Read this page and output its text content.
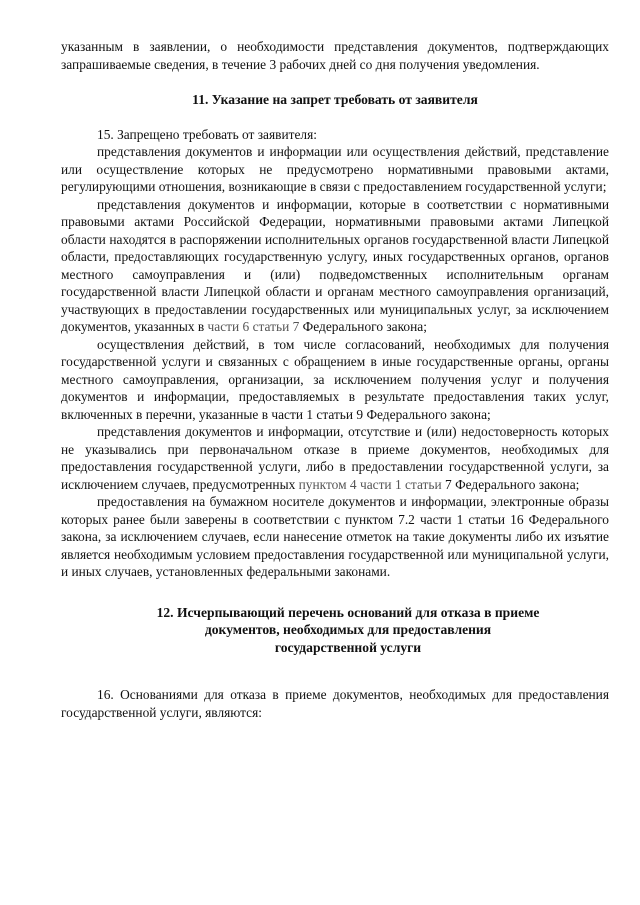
указанным в заявлении, о необходимости представления документов, подтверждающих запрашиваемые сведения, в течение 3 рабочих дней со дня получения уведомления.

11. Указание на запрет требовать от заявителя

15. Запрещено требовать от заявителя:

представления документов и информации или осуществления действий, представление или осуществление которых не предусмотрено нормативными правовыми актами, регулирующими отношения, возникающие в связи с предоставлением государственной услуги;

представления документов и информации, которые в соответствии с нормативными правовыми актами Российской Федерации, нормативными правовыми актами Липецкой области находятся в распоряжении исполнительных органов государственной власти Липецкой области, предоставляющих государственную услугу, иных государственных органов, органов местного самоуправления и (или) подведомственных исполнительным органам государственной власти Липецкой области и органам местного самоуправления организаций, участвующих в предоставлении государственных или муниципальных услуг, за исключением документов, указанных в части 6 статьи 7 Федерального закона;

осуществления действий, в том числе согласований, необходимых для получения государственной услуги и связанных с обращением в иные государственные органы, органы местного самоуправления, организации, за исключением получения услуг и получения документов и информации, предоставляемых в результате предоставления таких услуг, включенных в перечни, указанные в части 1 статьи 9 Федерального закона;

представления документов и информации, отсутствие и (или) недостоверность которых не указывались при первоначальном отказе в приеме документов, необходимых для предоставления государственной услуги, либо в предоставлении государственной услуги, за исключением случаев, предусмотренных пунктом 4 части 1 статьи 7 Федерального закона;

предоставления на бумажном носителе документов и информации, электронные образы которых ранее были заверены в соответствии с пунктом 7.2 части 1 статьи 16 Федерального закона, за исключением случаев, если нанесение отметок на такие документы либо их изъятие является необходимым условием предоставления государственной или муниципальной услуги, и иных случаев, установленных федеральными законами.

12. Исчерпывающий перечень оснований для отказа в приеме
документов, необходимых для предоставления
государственной услуги

16. Основаниями для отказа в приеме документов, необходимых для предоставления государственной услуги, являются:
